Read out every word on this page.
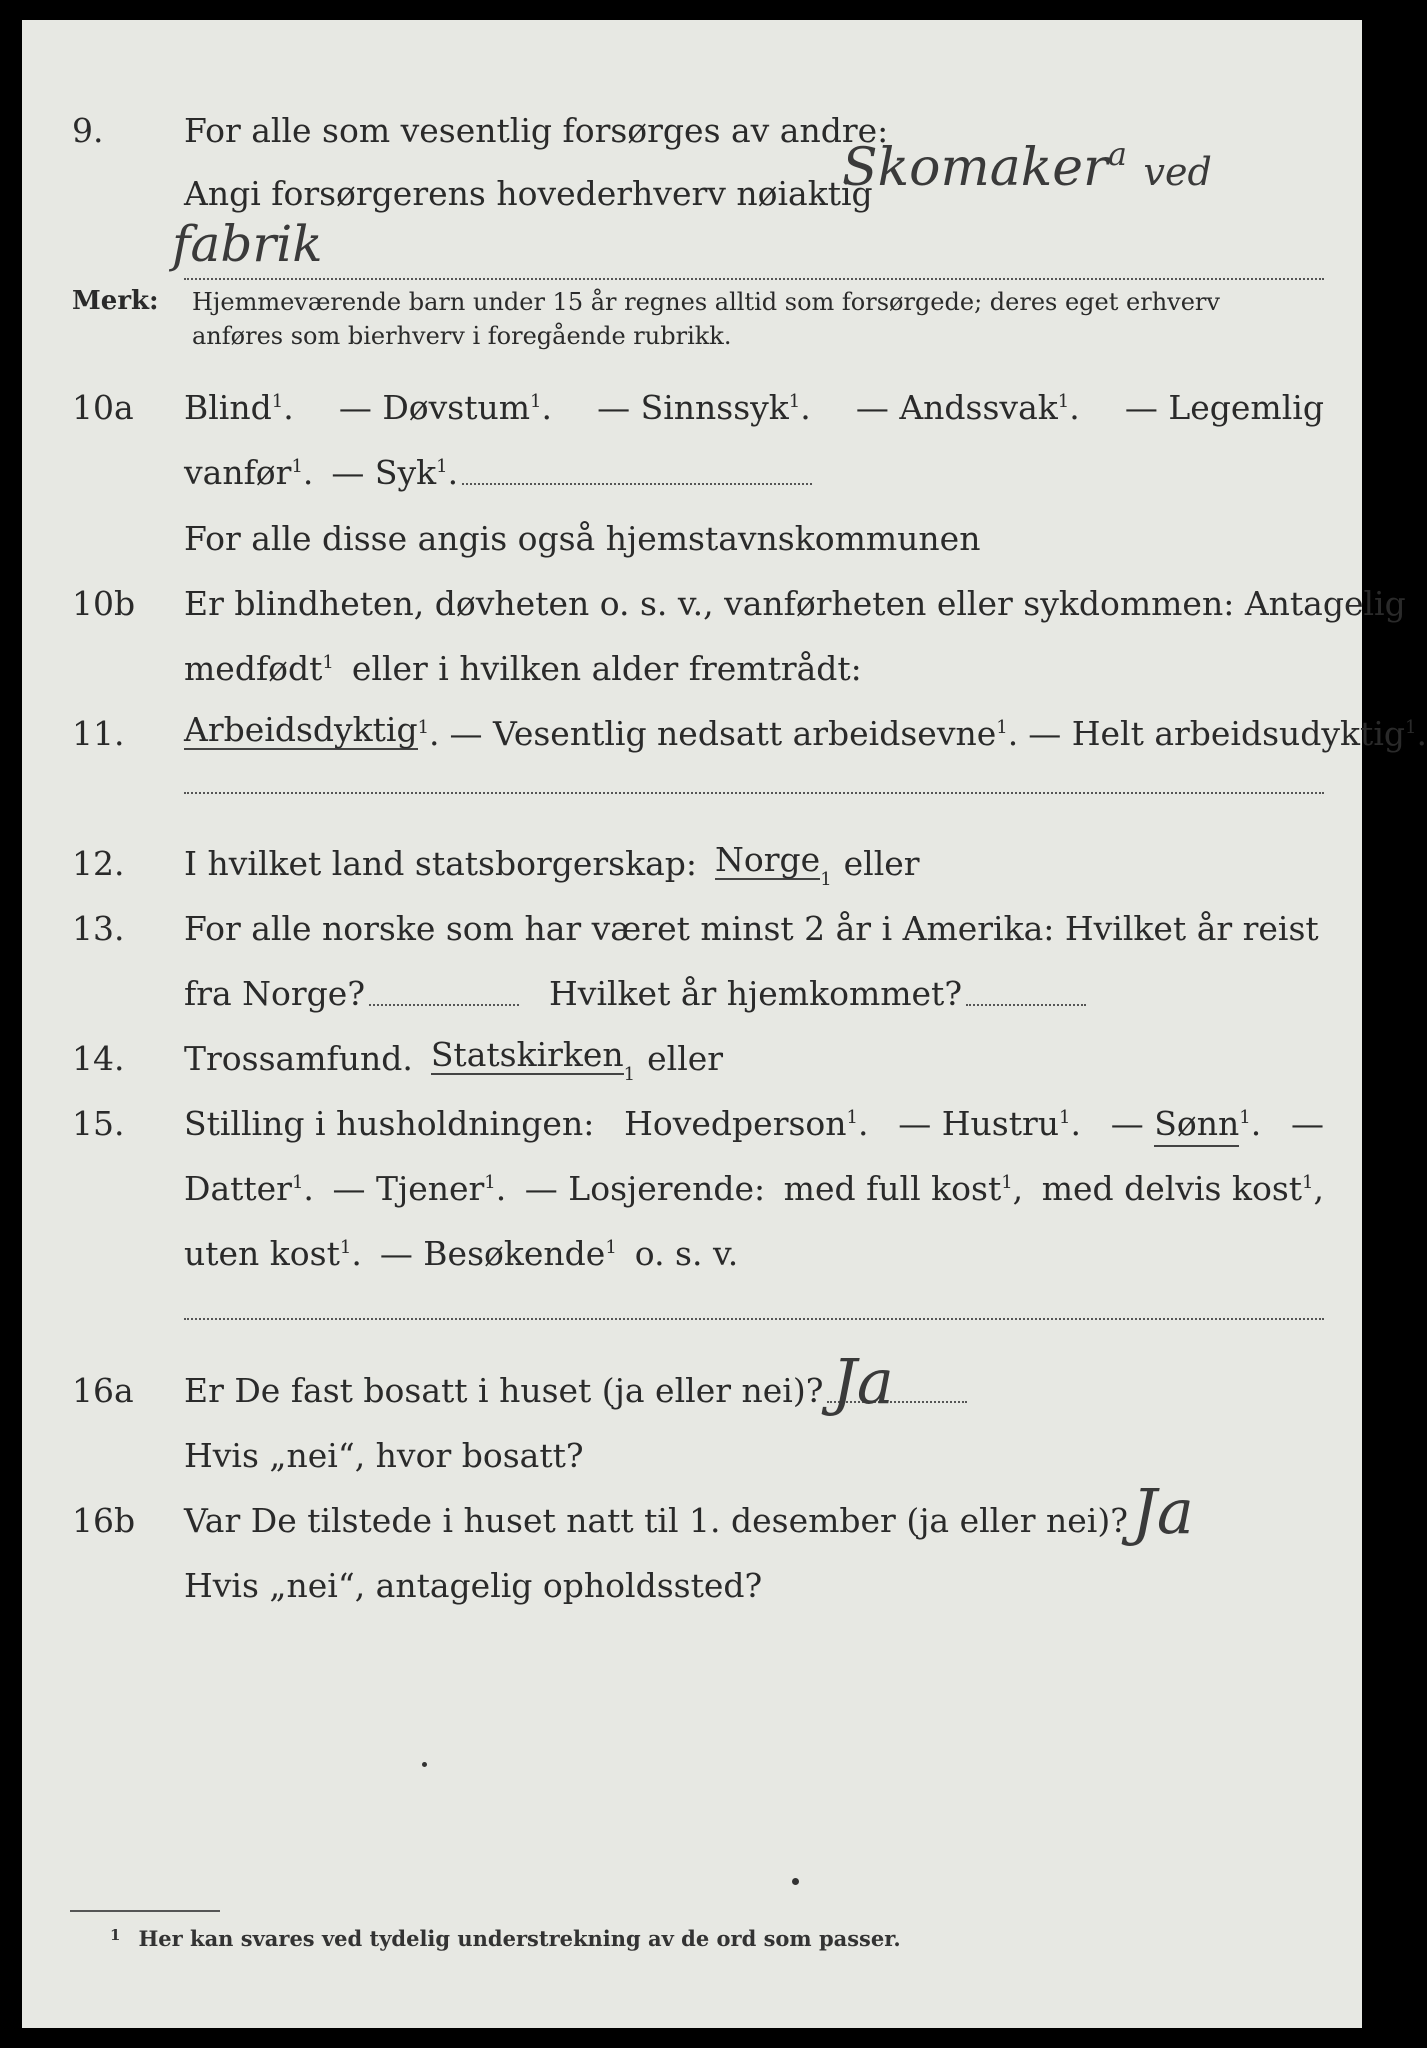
9. For alle som vesentlig forsørges av andre:
Angi forsørgerens hovederhverv nøiaktig
Skomaker$^a$ ved
fabrik
Merk: Hjemmeværende barn under 15 år regnes alltid som forsørgede; deres eget erhverv
anføres som bierhverv i foregående rubrikk.
10a Blind$^1$. — Døvstum$^1$. — Sinnssyk$^1$. — Andssvak$^1$. — Legemlig
vanfør$^1$. — Syk$^1$.
For alle disse angis også hjemstavnskommunen
10b Er blindheten, døvheten o. s. v., vanførheten eller sykdommen: Antagelig
medfødt$^1$ eller i hvilken alder fremtrådt:
11. Arbeidsdyktig $^1$. — Vesentlig nedsatt arbeidsevne$^1$. — Helt arbeidsudyktig$^1$.
12. I hvilket land statsborgerskap: Norge
1 eller
13. For alle norske som har været minst 2 år i Amerika: Hvilket år reist
fra Norge?	Hvilket år hjemkommet?
14. Trossamfund. Statskirken
1 eller
15. Stilling i husholdningen: Hovedperson$^1$. — Hustru$^1$. — Sønn$^1$. —
Datter$^1$. — Tjener$^1$. — Losjerende: med full kost$^1$, med delvis kost$^1$,
uten kost$^1$. — Besøkende$^1$ o. s. v.
16a Er De fast bosatt i huset (ja eller nei)? Ja
Hvis „nei“, hvor bosatt?
16b Var De tilstede i huset natt til 1. desember (ja eller nei)? Ja
Hvis „nei“, antagelig opholdssted?
$^1$ Her kan svares ved tydelig understrekning av de ord som passer.
